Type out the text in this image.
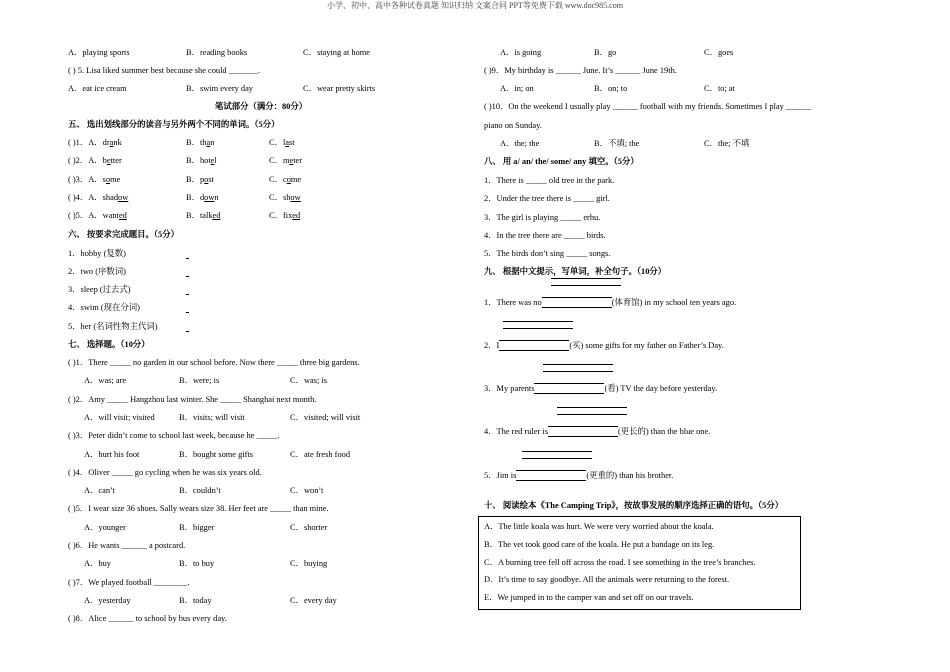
小学、初中、高中各种试卷真题 知识归纳 文案合同 PPT等免费下载 www.doc985.com
A．playing sports	B．reading books	C．staying at home
( ) 5. Lisa liked summer best because she could _______.
A．eat ice cream	B．swim every day	C．wear pretty skirts
笔试部分（满分：80分）
五、 选出划线部分的读音与另外两个不同的单词。（5分）
( )1．A．drank	B．than	C．last
( )2．A．better	B．hotel	C．meter
( )3．A．some	B．post	C．come
( )4．A．shadow	B．down	C．show
( )5．A．wanted	B．talked	C．fixed
六、 按要求完成题目。（5分）
1．hobby (复数)
2．two (序数词)
3．sleep (过去式)
4．swim (现在分词)
5．her (名词性物主代词)
七、 选择题。（10分）
( )1．There _____ no garden in our school before. Now there _____ three big gardens.
A．was; are	B．were; is	C．was; is
( )2．Amy _____ Hangzhou last winter. She _____ Shanghai next month.
A．will visit; visited	B．visits; will visit	C．visited; will visit
( )3．Peter didn’t come to school last week, because he _____.
A．hurt his foot	B．bought some gifts	C．ate fresh food
( )4．Oliver _____ go cycling when he was six years old.
A．can’t	B．couldn’t	C．won’t
( )5．I wear size 36 shoes. Sally wears size 38. Her feet are _____ than mine.
A．younger	B．bigger	C．shorter
( )6．He wants ______ a postcard.
A．buy	B．to buy	C．buying
( )7．We played football ________.
A．yesterday	B．today	C．every day
( )8．Alice ______ to school by bus every day.
A．is going	B．go	C．goes
( )9．My birthday is ______ June. It’s ______ June 19th.
A．in; on	B．on; to	C．to; at
( )10．On the weekend I usually play ______ football with my friends. Sometimes I play ______
piano on Sunday.
A．the; the	B．不填; the	C．the; 不填
八、 用 a/ an/ the/ some/ any 填空。（5分）
1．There is _____ old tree in the park.
2．Under the tree there is _____ girl.
3．The girl is playing _____ erhu.
4．In the tree there are _____ birds.
5．The birds don’t sing _____ songs.
九、 根据中文提示，写单词，补全句子。（10分）
1．There was no	(体育馆) in my school ten years ago.
2．I	(买) some gifts for my father on Father’s Day.
3．My parents	(看) TV the day before yesterday.
4．The red ruler is	(更长的) than the blue one.
5．Jim is	(更重的) than his brother.
十、 阅读绘本《The Camping Trip》，按故事发展的顺序选择正确的语句。（5分）
A．The little koala was hurt. We were very worried about the koala.
B．The vet took good care of the koala. He put a bandage on its leg.
C．A burning tree fell off across the road. I see something in the tree’s branches.
D．It’s time to say goodbye. All the animals were returning to the forest.
E．We jumped in to the camper van and set off on our travels.
